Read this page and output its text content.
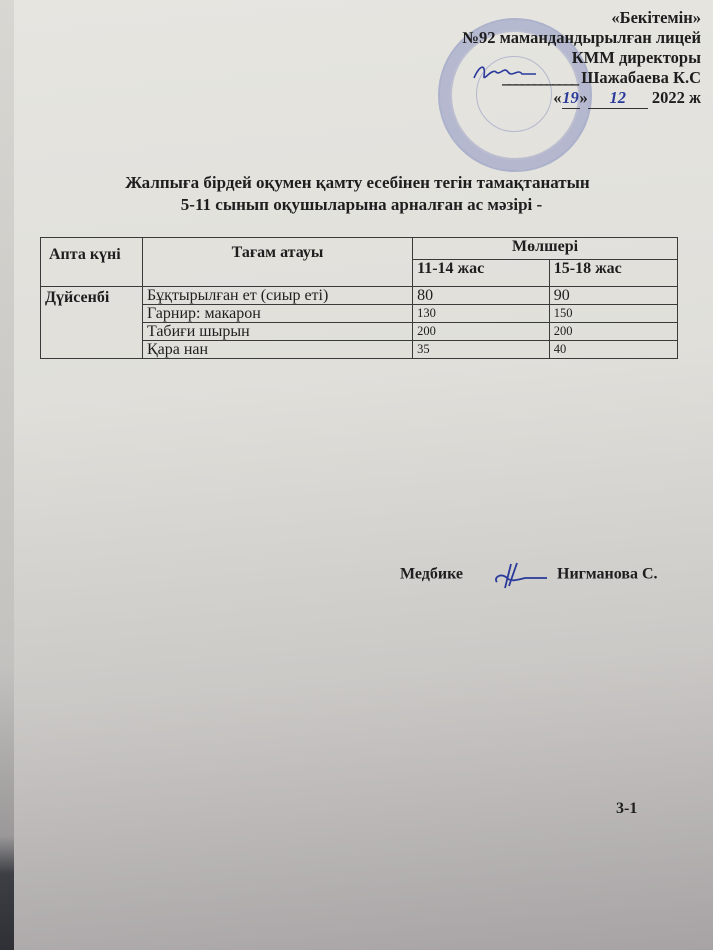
«Бекітемін»
№92 мамандандырылған лицей
КММ директоры
____________ Шажабаева К.С
«19» 12 2022 ж
Жалпыға бірдей оқумен қамту есебінен тегін тамақтанатын
5-11 сынып оқушыларына арналған ас мәзірі -
Апта күні	Тағам атауы	Мөлшері	
		11-14 жас	15-18 жас
Дүйсенбі	Бұқтырылған ет (сиыр еті)	80	90
	Гарнир: макарон	130	150
	Табиғи шырын	200	200
	Қара нан	35	40
Медбике	Нигманова С.
3-1
